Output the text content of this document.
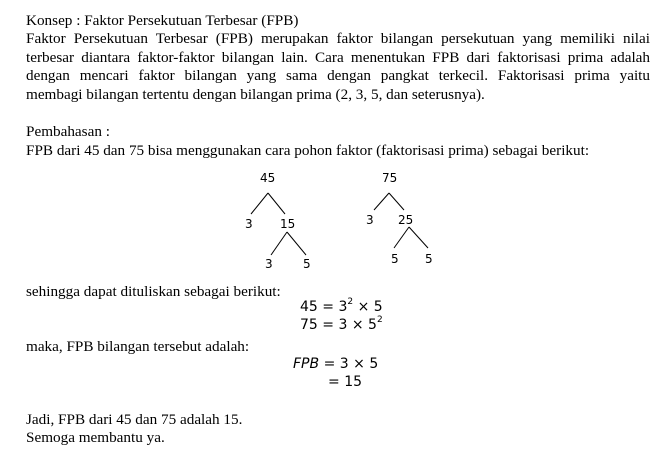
Konsep : Faktor Persekutuan Terbesar (FPB)
Faktor Persekutuan Terbesar (FPB) merupakan faktor bilangan persekutuan yang memiliki nilai
terbesar diantara faktor-faktor bilangan lain. Cara menentukan FPB dari faktorisasi prima adalah
dengan mencari faktor bilangan yang sama dengan pangkat terkecil. Faktorisasi prima yaitu
membagi bilangan tertentu dengan bilangan prima (2, 3, 5, dan seterusnya).
Pembahasan :
FPB dari 45 dan 75 bisa menggunakan cara pohon faktor (faktorisasi prima) sebagai berikut:
45
3 15
3	5
75
3 25
5 5
sehingga dapat dituliskan sebagai berikut:
$45 = 3^2 \times 5$
$75 = 3 \times 5^2$
maka, FPB bilangan tersebut adalah:
FPB = 3 × 5
= 15
Jadi, FPB dari 45 dan 75 adalah 15.
Semoga membantu ya.
